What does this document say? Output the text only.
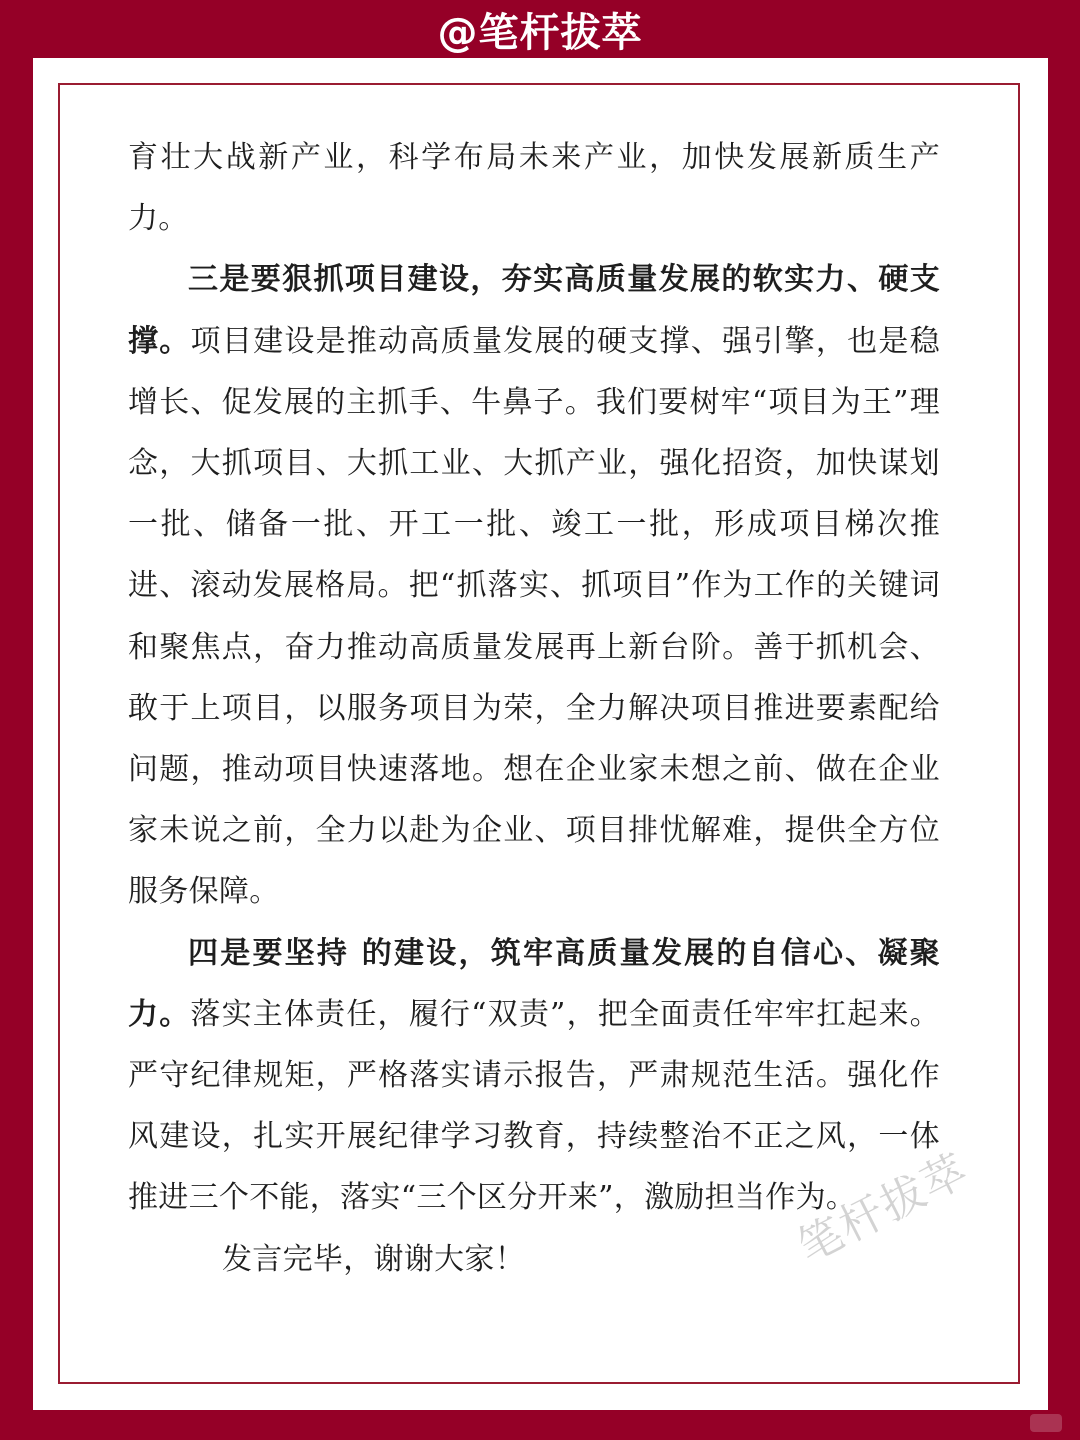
@笔杆拔萃

育壮大战新产业，科学布局未来产业，加快发展新质生产力。

三是要狠抓项目建设，夯实高质量发展的软实力、硬支撑。项目建设是推动高质量发展的硬支撑、强引擎，也是稳增长、促发展的主抓手、牛鼻子。我们要树牢“项目为王”理念，大抓项目、大抓工业、大抓产业，强化招资，加快谋划一批、储备一批、开工一批、竣工一批，形成项目梯次推进、滚动发展格局。把“抓落实、抓项目”作为工作的关键词和聚焦点，奋力推动高质量发展再上新台阶。善于抓机会、敢于上项目，以服务项目为荣，全力解决项目推进要素配给问题，推动项目快速落地。想在企业家未想之前、做在企业家未说之前，全力以赴为企业、项目排忧解难，提供全方位服务保障。

四是要坚持 的建设，筑牢高质量发展的自信心、凝聚力。落实主体责任，履行“双责”，把全面责任牢牢扛起来。严守纪律规矩，严格落实请示报告，严肃规范生活。强化作风建设，扎实开展纪律学习教育，持续整治不正之风，一体推进三个不能，落实“三个区分开来”，激励担当作为。

发言完毕，谢谢大家！	笔杆拔萃
